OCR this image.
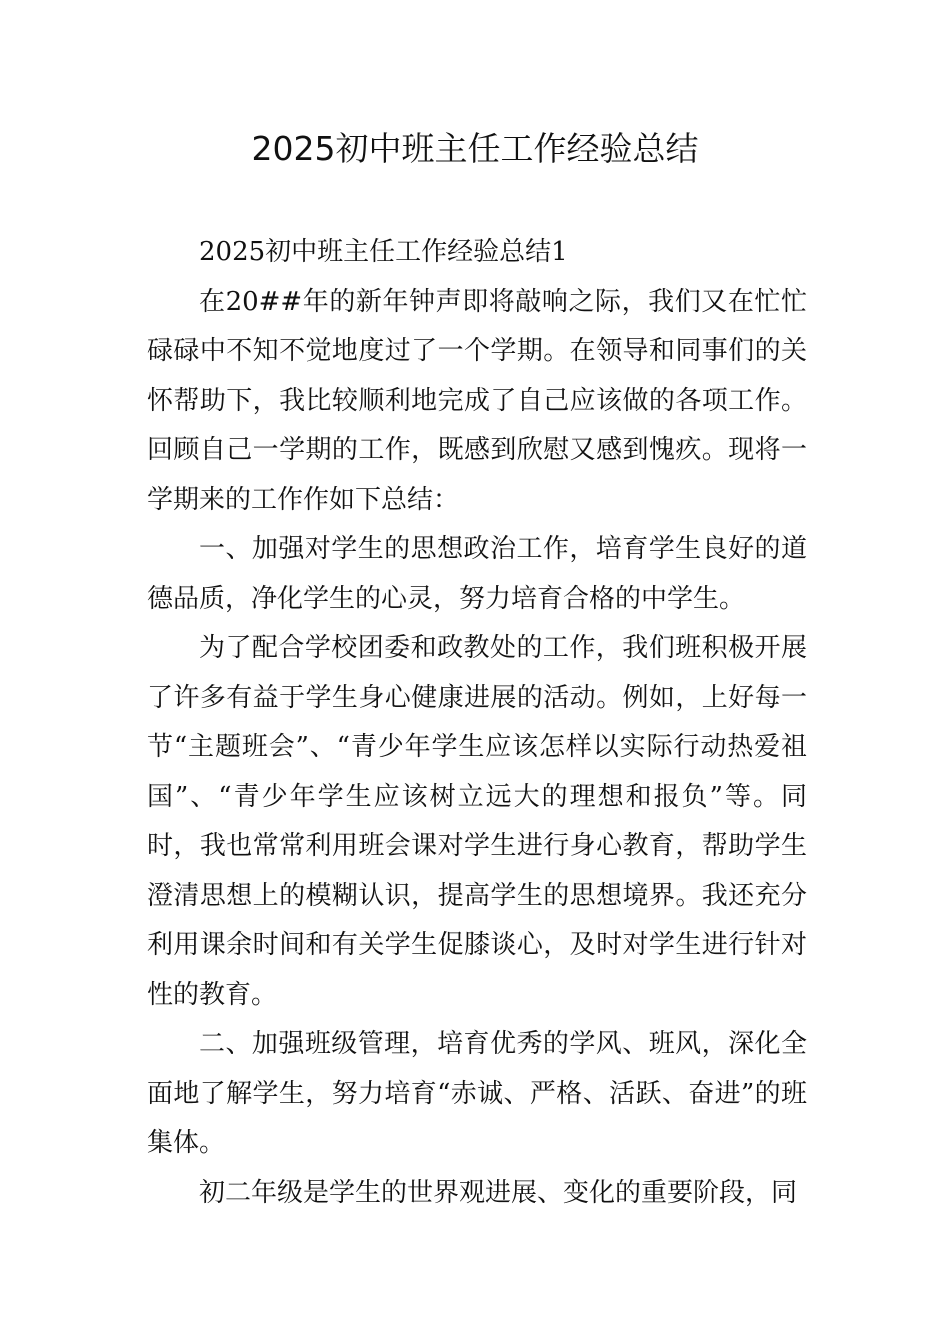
2025初中班主任工作经验总结

2025初中班主任工作经验总结1

在20##年的新年钟声即将敲响之际，我们又在忙忙碌碌中不知不觉地度过了一个学期。在领导和同事们的关怀帮助下，我比较顺利地完成了自己应该做的各项工作。回顾自己一学期的工作，既感到欣慰又感到愧疚。现将一学期来的工作作如下总结：

一、加强对学生的思想政治工作，培育学生良好的道德品质，净化学生的心灵，努力培育合格的中学生。

为了配合学校团委和政教处的工作，我们班积极开展了许多有益于学生身心健康进展的活动。例如，上好每一节“主题班会”、“青少年学生应该怎样以实际行动热爱祖国”、“青少年学生应该树立远大的理想和报负”等。同时，我也常常利用班会课对学生进行身心教育，帮助学生澄清思想上的模糊认识，提高学生的思想境界。我还充分利用课余时间和有关学生促膝谈心，及时对学生进行针对性的教育。

二、加强班级管理，培育优秀的学风、班风，深化全面地了解学生，努力培育“赤诚、严格、活跃、奋进”的班集体。

初二年级是学生的世界观进展、变化的重要阶段，同
